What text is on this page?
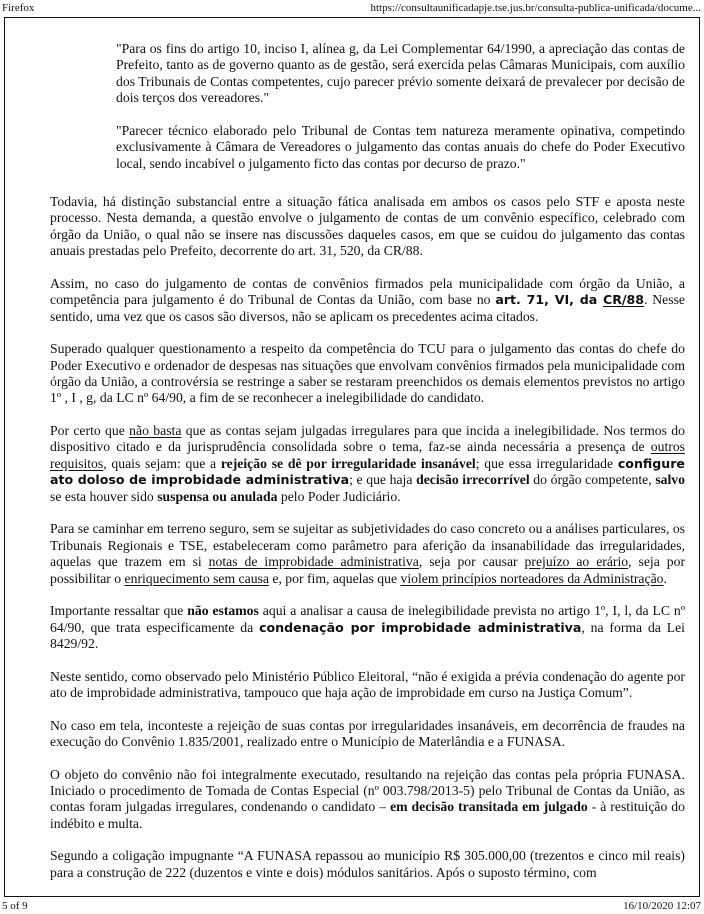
Firefox	https://consultaunificadapje.tse.jus.br/consulta-publica-unificada/docume...

"Para os fins do artigo 10, inciso I, alínea g, da Lei Complementar 64/1990, a apreciação das contas de Prefeito, tanto as de governo quanto as de gestão, será exercida pelas Câmaras Municipais, com auxílio dos Tribunais de Contas competentes, cujo parecer prévio somente deixará de prevalecer por decisão de dois terços dos vereadores."

"Parecer técnico elaborado pelo Tribunal de Contas tem natureza meramente opinativa, competindo exclusivamente à Câmara de Vereadores o julgamento das contas anuais do chefe do Poder Executivo local, sendo incabível o julgamento ficto das contas por decurso de prazo."

Todavia, há distinção substancial entre a situação fática analisada em ambos os casos pelo STF e aposta neste processo. Nesta demanda, a questão envolve o julgamento de contas de um convênio específico, celebrado com órgão da União, o qual não se insere nas discussões daqueles casos, em que se cuidou do julgamento das contas anuais prestadas pelo Prefeito, decorrente do art. 31, 520, da CR/88.

Assim, no caso do julgamento de contas de convênios firmados pela municipalidade com órgão da União, a competência para julgamento é do Tribunal de Contas da União, com base no art. 71, VI, da CR/88. Nesse sentido, uma vez que os casos são diversos, não se aplicam os precedentes acima citados.

Superado qualquer questionamento a respeito da competência do TCU para o julgamento das contas do chefe do Poder Executivo e ordenador de despesas nas situações que envolvam convênios firmados pela municipalidade com órgão da União, a controvérsia se restringe a saber se restaram preenchidos os demais elementos previstos no artigo 1º , I , g, da LC nº 64/90, a fim de se reconhecer a inelegibilidade do candidato.

Por certo que não basta que as contas sejam julgadas irregulares para que incida a inelegibilidade. Nos termos do dispositivo citado e da jurisprudência consolidada sobre o tema, faz-se ainda necessária a presença de outros requisitos, quais sejam: que a rejeição se dê por irregularidade insanável; que essa irregularidade configure ato doloso de improbidade administrativa; e que haja decisão irrecorrível do órgão competente, salvo se esta houver sido suspensa ou anulada pelo Poder Judiciário.

Para se caminhar em terreno seguro, sem se sujeitar as subjetividades do caso concreto ou a análises particulares, os Tribunais Regionais e TSE, estabeleceram como parâmetro para aferição da insanabilidade das irregularidades, aquelas que trazem em si notas de improbidade administrativa, seja por causar prejuízo ao erário, seja por possibilitar o enriquecimento sem causa e, por fim, aquelas que violem princípios norteadores da Administração.

Importante ressaltar que não estamos aqui a analisar a causa de inelegibilidade prevista no artigo 1º, I, l, da LC nº 64/90, que trata especificamente da condenação por improbidade administrativa, na forma da Lei 8429/92.

Neste sentido, como observado pelo Ministério Público Eleitoral, “não é exigida a prévia condenação do agente por ato de improbidade administrativa, tampouco que haja ação de improbidade em curso na Justiça Comum”.

No caso em tela, inconteste a rejeição de suas contas por irregularidades insanáveis, em decorrência de fraudes na execução do Convênio 1.835/2001, realizado entre o Município de Materlândia e a FUNASA.

O objeto do convênio não foi integralmente executado, resultando na rejeição das contas pela própria FUNASA. Iniciado o procedimento de Tomada de Contas Especial (nº 003.798/2013-5) pelo Tribunal de Contas da União, as contas foram julgadas irregulares, condenando o candidato – em decisão transitada em julgado - à restituição do indébito e multa.

Segundo a coligação impugnante “A FUNASA repassou ao município R$ 305.000,00 (trezentos e cinco mil reais) para a construção de 222 (duzentos e vinte e dois) módulos sanitários. Após o suposto término, com

5 of 9	16/10/2020 12:07
